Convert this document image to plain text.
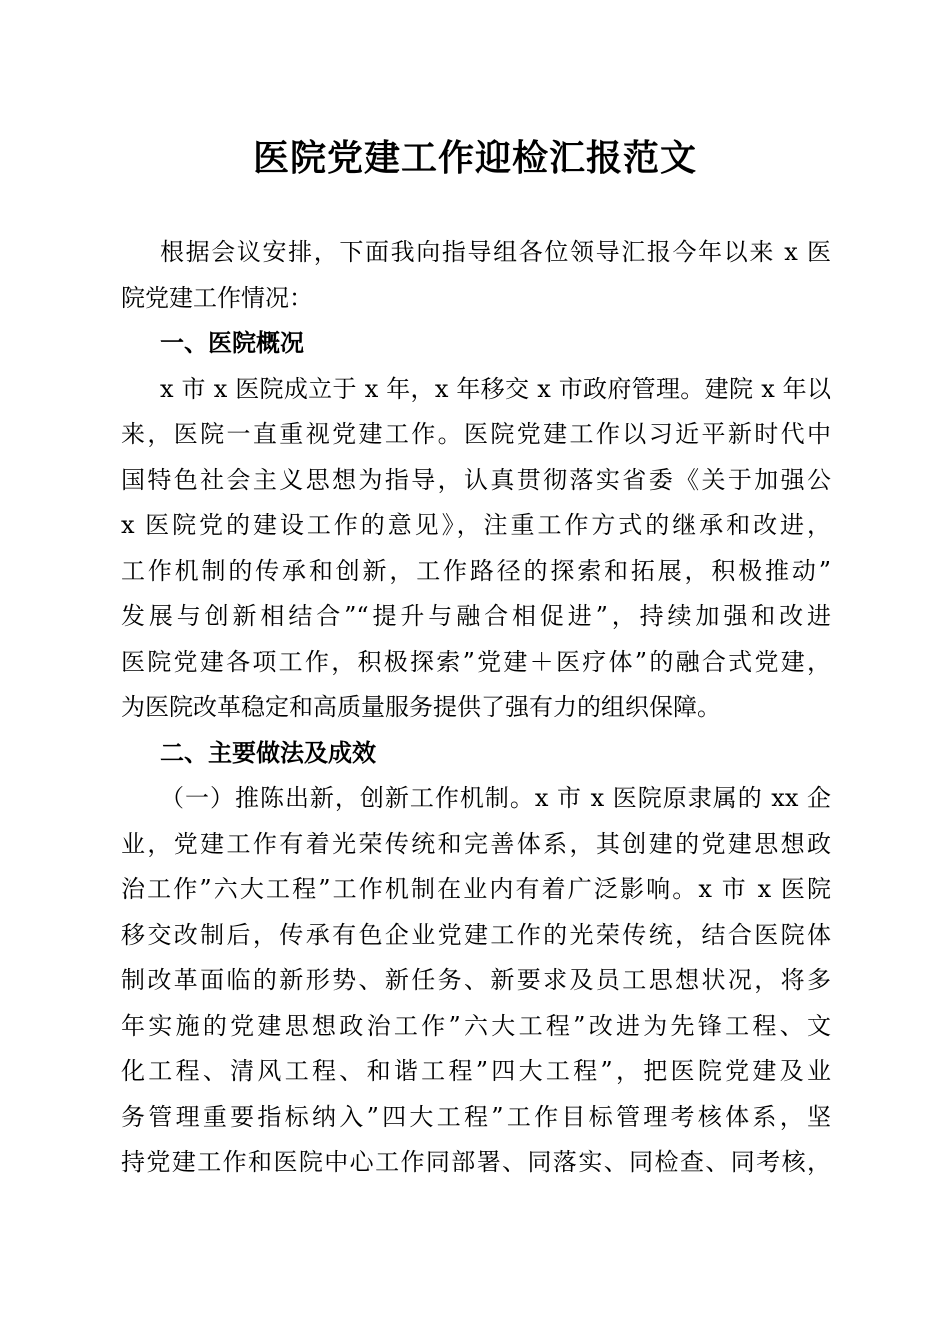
医院党建工作迎检汇报范文
根据会议安排，下面我向指导组各位领导汇报今年以来 x 医
院党建工作情况：
一、医院概况
x 市 x 医院成立于 x 年，x 年移交 x 市政府管理。建院 x 年以
来，医院一直重视党建工作。医院党建工作以习近平新时代中
国特色社会主义思想为指导，认真贯彻落实省委《关于加强公
x 医院党的建设工作的意见》，注重工作方式的继承和改进，
工作机制的传承和创新，工作路径的探索和拓展，积极推动”
发展与创新相结合”“提升与融合相促进”，持续加强和改进
医院党建各项工作，积极探索”党建＋医疗体”的融合式党建，
为医院改革稳定和高质量服务提供了强有力的组织保障。
二、主要做法及成效
（一）推陈出新，创新工作机制。x 市 x 医院原隶属的 xx 企
业，党建工作有着光荣传统和完善体系，其创建的党建思想政
治工作”六大工程”工作机制在业内有着广泛影响。x 市 x 医院
移交改制后，传承有色企业党建工作的光荣传统，结合医院体
制改革面临的新形势、新任务、新要求及员工思想状况，将多
年实施的党建思想政治工作”六大工程”改进为先锋工程、文
化工程、清风工程、和谐工程”四大工程”，把医院党建及业
务管理重要指标纳入”四大工程”工作目标管理考核体系，坚
持党建工作和医院中心工作同部署、同落实、同检查、同考核，
